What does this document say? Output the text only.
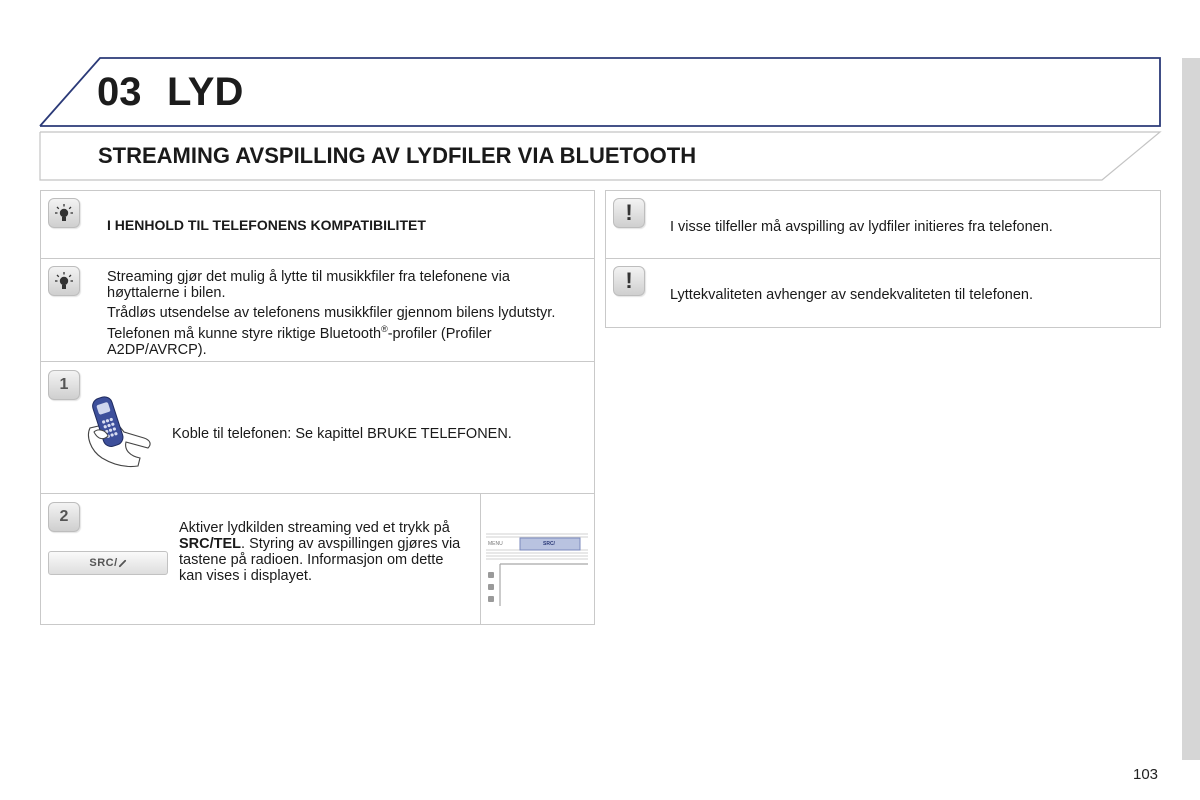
03 LYD
STREAMING AVSPILLING AV LYDFILER VIA BLUETOOTH
I HENHOLD TIL TELEFONENS KOMPATIBILITET
Streaming gjør det mulig å lytte til musikkfiler fra telefonene via høyttalerne i bilen.
Trådløs utsendelse av telefonens musikkfiler gjennom bilens lydutstyr. Telefonen må kunne styre riktige Bluetooth®-profiler (Profiler A2DP/AVRCP).
1
Koble til telefonen: Se kapittel BRUKE TELEFONEN.
2
SRC/
Aktiver lydkilden streaming ved et trykk på SRC/TEL. Styring av avspillingen gjøres via tastene på radioen. Informasjon om dette kan vises i displayet.
MENU	SRC/
!
I visse tilfeller må avspilling av lydfiler initieres fra telefonen.
!
Lyttekvaliteten avhenger av sendekvaliteten til telefonen.
103
